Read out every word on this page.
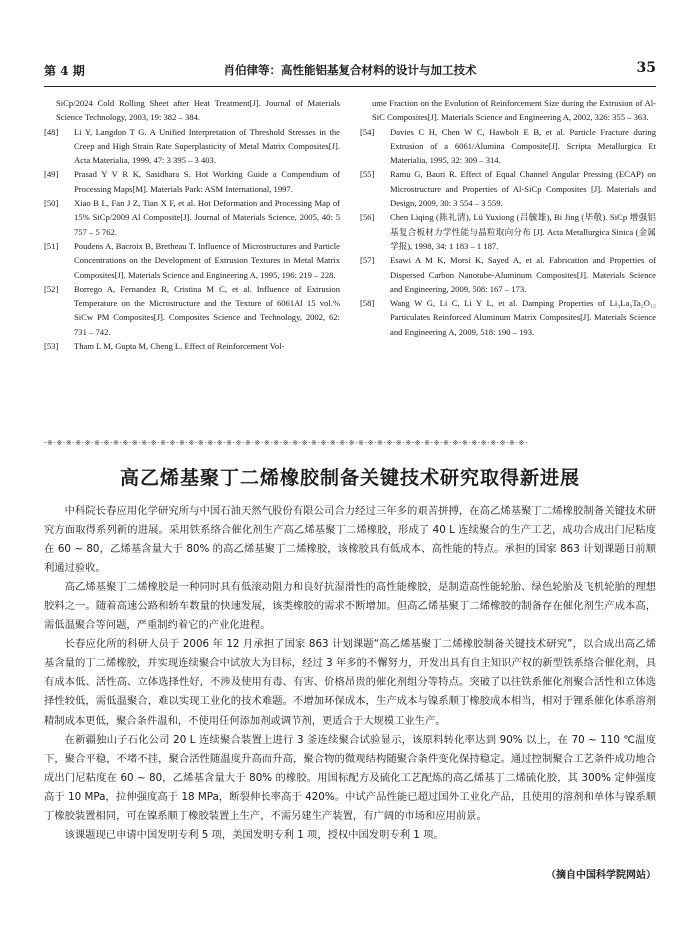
第 4 期	肖伯律等：高性能铝基复合材料的设计与加工技术	35
SiCp/2024 Cold Rolling Sheet after Heat Treatment[J]. Journal of Materials Science Technology, 2003, 19: 382 – 384.
[48] Li Y, Langdon T G. A Unified Interpretation of Threshold Stresses in the Creep and High Strain Rate Superplasticity of Metal Matrix Composites[J]. Acta Materialia, 1999, 47: 3 395 – 3 403.
[49] Prasad Y V R K, Sasidhara S. Hot Working Guide a Compendium of Processing Maps[M]. Materials Park: ASM International, 1997.
[50] Xiao B L, Fan J Z, Tian X F, et al. Hot Deformation and Processing Map of 15% SiCp/2009 Al Composite[J]. Journal of Materials Science, 2005, 40: 5 757 – 5 762.
[51] Poudens A, Bacroix B, Bretheau T. Influence of Microstructures and Particle Concentrations on the Development of Extrusion Textures in Metal Matrix Composites[J]. Materials Science and Engineering A, 1995, 196: 219 – 228.
[52] Borrego A, Fernandez R, Cristina M C, et al. Influence of Extrusion Temperature on the Microstructure and the Texture of 6061Al 15 vol.% SiCw PM Composites[J]. Composites Science and Technology, 2002, 62: 731 – 742.
[53] Tham L M, Gupta M, Cheng L. Effect of Reinforcement Vol-
ume Fraction on the Evolution of Reinforcement Size during the Extrusion of Al-SiC Composites[J]. Materials Science and Engineering A, 2002, 326: 355 – 363.
[54] Davies C H, Chen W C, Hawbolt E B, et al. Particle Fracture during Extrusion of a 6061/Alumina Composite[J]. Scripta Metallurgica Et Materialia, 1995, 32: 309 – 314.
[55] Ramu G, Bauri R. Effect of Equal Channel Angular Pressing (ECAP) on Microstructure and Properties of Al-SiCp Composites [J]. Materials and Design, 2009, 30: 3 554 – 3 559.
[56] Chen Liqing (陈礼清), Lü Yuxiong (吕毓雄), Bi Jing (毕敬). SiCp 增强铝基复合板材力学性能与晶粒取向分布 [J]. Acta Metallurgica Sinica (金属学报), 1998, 34: 1 183 – 1 187.
[57] Esawi A M K, Morsi K, Sayed A, et al. Fabrication and Properties of Dispersed Carbon Nanotube-Aluminum Composites[J]. Materials Science and Engineering, 2009, 508: 167 – 173.
[58] Wang W G, Li C, Li Y L, et al. Damping Properties of Li₃La₃Ta₂O₁₂ Particulates Reinforced Aluminum Matrix Composites[J]. Materials Science and Engineering A, 2009, 518: 190 – 193.
-※-※-※-※-※-※-※-※-※-※-※-※-※-※-※-※-※-※-※-※-※-※-※-※-※-※-※-※-※-※-※-※-※-※-※-※-※-※-※-※-※-※-※-※-※-※-※-※-※-※-※-
高乙烯基聚丁二烯橡胶制备关键技术研究取得新进展

中科院长春应用化学研究所与中国石油天然气股份有限公司合力经过三年多的艰苦拼搏，在高乙烯基聚丁二烯橡胶制备关键技术研究方面取得系列新的进展。采用铁系络合催化剂生产高乙烯基聚丁二烯橡胶，形成了 40 L 连续聚合的生产工艺，成功合成出门尼粘度在 60 ~ 80，乙烯基含量大于 80% 的高乙烯基聚丁二烯橡胶，该橡胶具有低成本、高性能的特点。承担的国家 863 计划课题日前顺利通过验收。

高乙烯基聚丁二烯橡胶是一种同时具有低滚动阻力和良好抗湿滑性的高性能橡胶，是制造高性能轮胎、绿色轮胎及飞机轮胎的理想胶料之一。随着高速公路和轿车数量的快速发展，该类橡胶的需求不断增加。但高乙烯基聚丁二烯橡胶的制备存在催化剂生产成本高，需低温聚合等问题，严重制约着它的产业化进程。

长春应化所的科研人员于 2006 年 12 月承担了国家 863 计划课题“高乙烯基聚丁二烯橡胶制备关键技术研究”，以合成出高乙烯基含量的丁二烯橡胶，并实现连续聚合中试放大为目标，经过 3 年多的不懈努力，开发出具有自主知识产权的新型铁系络合催化剂，具有成本低、活性高、立体选择性好，不涉及使用有毒、有害、价格昂贵的催化剂组分等特点。突破了以往铁系催化剂聚合活性和立体选择性较低，需低温聚合，难以实现工业化的技术难题。不增加环保成本，生产成本与镍系顺丁橡胶成本相当，相对于锂系催化体系溶剂精制成本更低，聚合条件温和，不使用任何添加剂或调节剂，更适合于大规模工业生产。

在新疆独山子石化公司 20 L 连续聚合装置上进行 3 釜连续聚合试验显示，该原料转化率达到 90% 以上，在 70 ~ 110 ℃温度下，聚合平稳，不堵不挂，聚合活性随温度升高而升高，聚合物的微观结构随聚合条件变化保持稳定。通过控制聚合工艺条件成功地合成出门尼粘度在 60 ~ 80，乙烯基含量大于 80% 的橡胶。用国标配方及硫化工艺配炼的高乙烯基丁二烯硫化胶，其 300% 定伸强度高于 10 MPa，拉伸强度高于 18 MPa，断裂伸长率高于 420%。中试产品性能已超过国外工业化产品，且使用的溶剂和单体与镍系顺丁橡胶装置相同，可在镍系顺丁橡胶装置上生产，不需另建生产装置，有广阔的市场和应用前景。

该课题现已申请中国发明专利 5 项，美国发明专利 1 项，授权中国发明专利 1 项。

（摘自中国科学院网站）
